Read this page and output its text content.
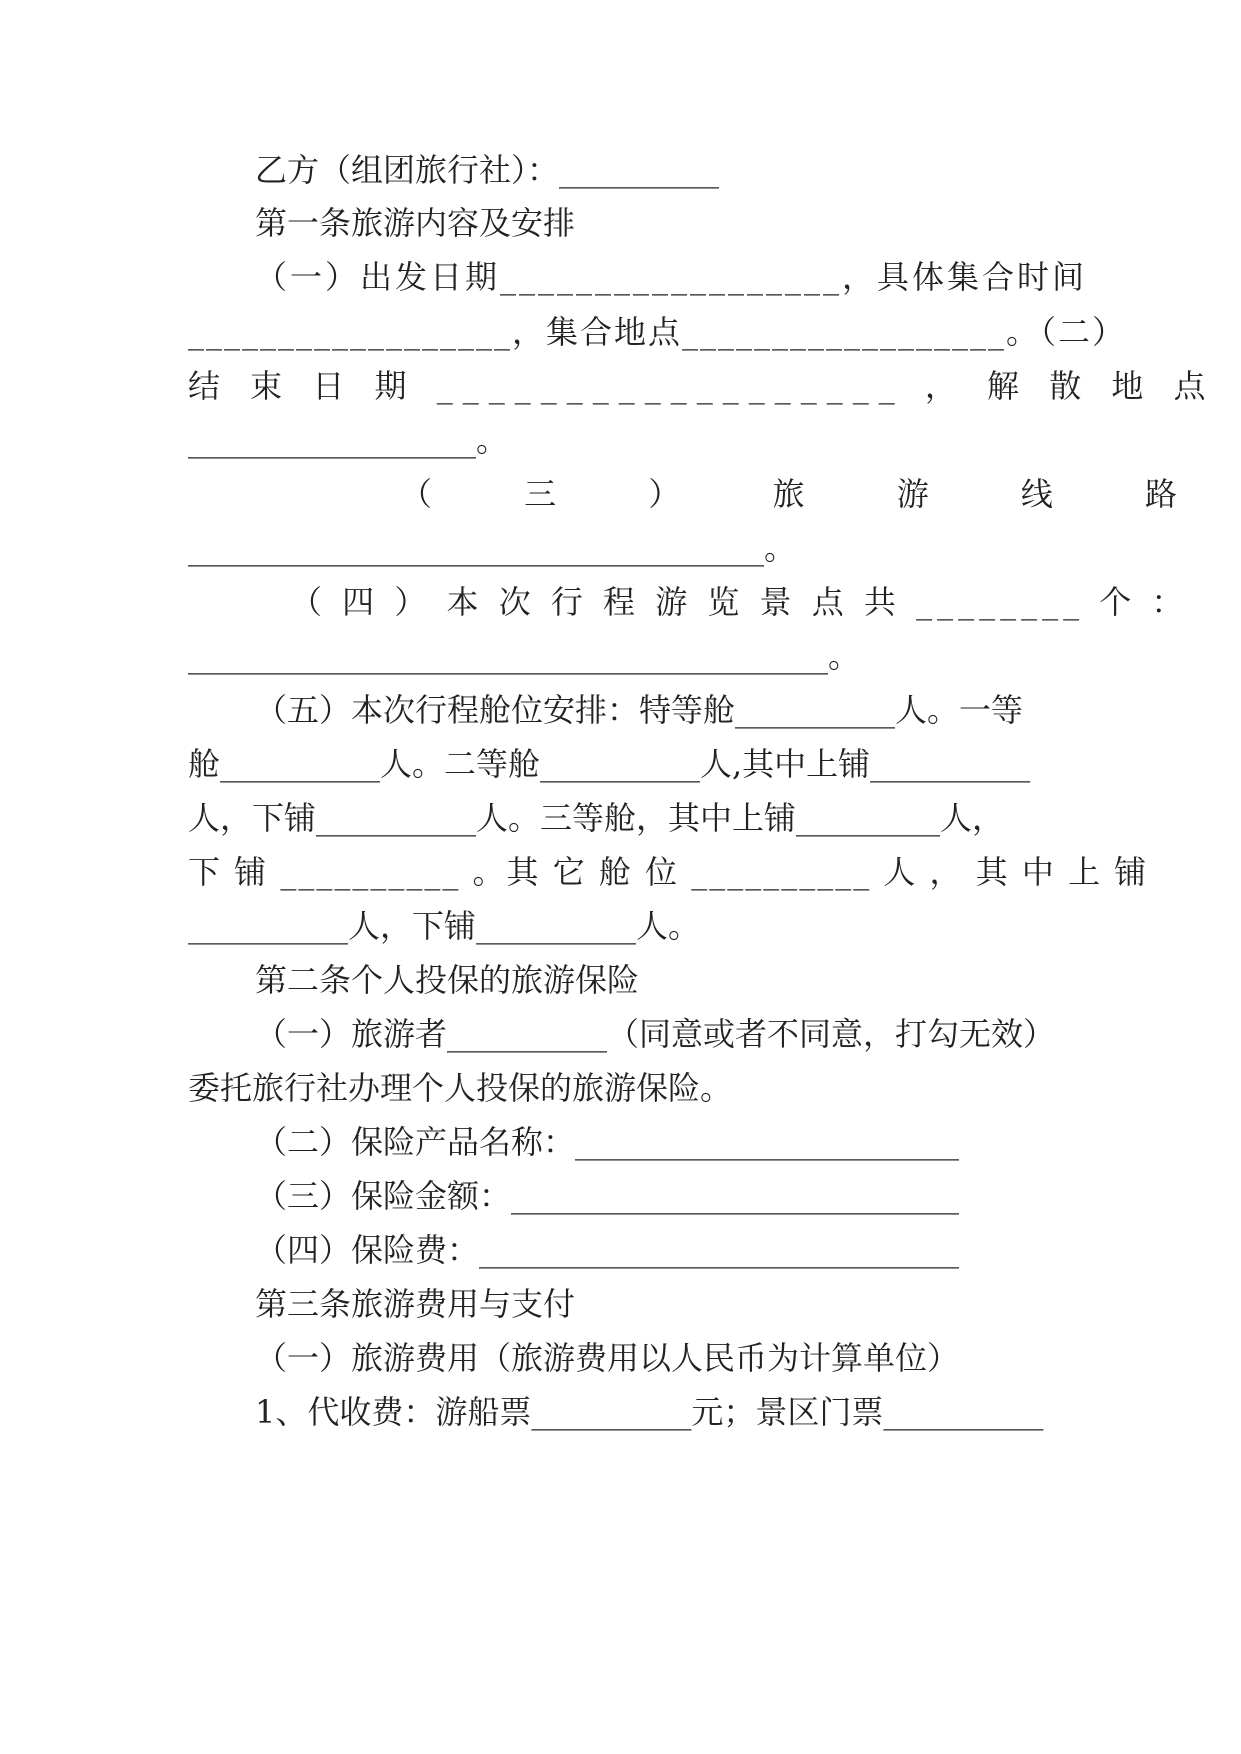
乙方（组团旅行社）：__________
第一条旅游内容及安排
（一）出发日期__________________，具体集合时间
__________________，集合地点__________________。（二）
结 束 日 期 __________________ ， 解 散 地 点
__________________。
（ 三 ） 旅 游 线 路
____________________________________。
（ 四 ） 本 次 行 程 游 览 景 点 共 ________ 个 ：
________________________________________。
（五）本次行程舱位安排：特等舱__________人。一等
舱__________人。二等舱__________人,其中上铺__________
人，下铺__________人。三等舱，其中上铺_________人，
下 铺 __________ 。其 它 舱 位 __________ 人 ， 其 中 上 铺
__________人，下铺__________人。
第二条个人投保的旅游保险
（一）旅游者__________（同意或者不同意，打勾无效）
委托旅行社办理个人投保的旅游保险。
（二）保险产品名称：________________________
（三）保险金额：____________________________
（四）保险费：______________________________
第三条旅游费用与支付
（一）旅游费用（旅游费用以人民币为计算单位）
1、代收费：游船票__________元；景区门票__________
